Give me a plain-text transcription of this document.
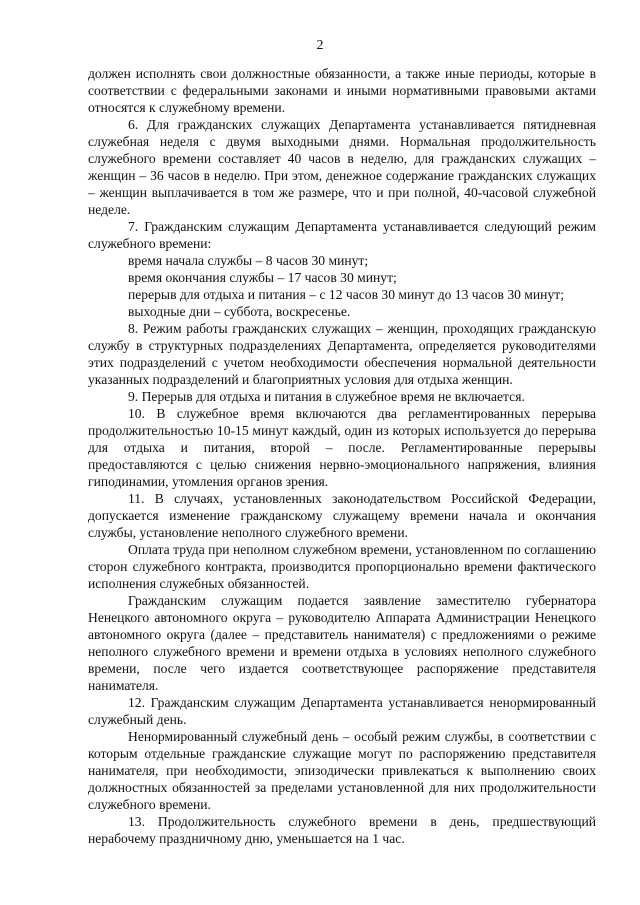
2

должен исполнять свои должностные обязанности, а также иные периоды, которые в соответствии с федеральными законами и иными нормативными правовыми актами относятся к служебному времени.

6. Для гражданских служащих Департамента устанавливается пятидневная служебная неделя с двумя выходными днями. Нормальная продолжительность служебного времени составляет 40 часов в неделю, для гражданских служащих – женщин – 36 часов в неделю. При этом, денежное содержание гражданских служащих – женщин выплачивается в том же размере, что и при полной, 40-часовой служебной неделе.

7. Гражданским служащим Департамента устанавливается следующий режим служебного времени:

время начала службы – 8 часов 30 минут;

время окончания службы – 17 часов 30 минут;

перерыв для отдыха и питания – с 12 часов 30 минут до 13 часов 30 минут;

выходные дни – суббота, воскресенье.

8. Режим работы гражданских служащих – женщин, проходящих гражданскую службу в структурных подразделениях Департамента, определяется руководителями этих подразделений с учетом необходимости обеспечения нормальной деятельности указанных подразделений и благоприятных условия для отдыха женщин.

9. Перерыв для отдыха и питания в служебное время не включается.

10. В служебное время включаются два регламентированных перерыва продолжительностью 10-15 минут каждый, один из которых используется до перерыва для отдыха и питания, второй – после. Регламентированные перерывы предоставляются с целью снижения нервно-эмоционального напряжения, влияния гиподинамии, утомления органов зрения.

11. В случаях, установленных законодательством Российской Федерации, допускается изменение гражданскому служащему времени начала и окончания службы, установление неполного служебного времени.

Оплата труда при неполном служебном времени, установленном по соглашению сторон служебного контракта, производится пропорционально времени фактического исполнения служебных обязанностей.

Гражданским служащим подается заявление заместителю губернатора Ненецкого автономного округа – руководителю Аппарата Администрации Ненецкого автономного округа (далее – представитель нанимателя) с предложениями о режиме неполного служебного времени и времени отдыха в условиях неполного служебного времени, после чего издается соответствующее распоряжение представителя нанимателя.

12. Гражданским служащим Департамента устанавливается ненормированный служебный день.

Ненормированный служебный день – особый режим службы, в соответствии с которым отдельные гражданские служащие могут по распоряжению представителя нанимателя, при необходимости, эпизодически привлекаться к выполнению своих должностных обязанностей за пределами установленной для них продолжительности служебного времени.

13. Продолжительность служебного времени в день, предшествующий нерабочему праздничному дню, уменьшается на 1 час.
